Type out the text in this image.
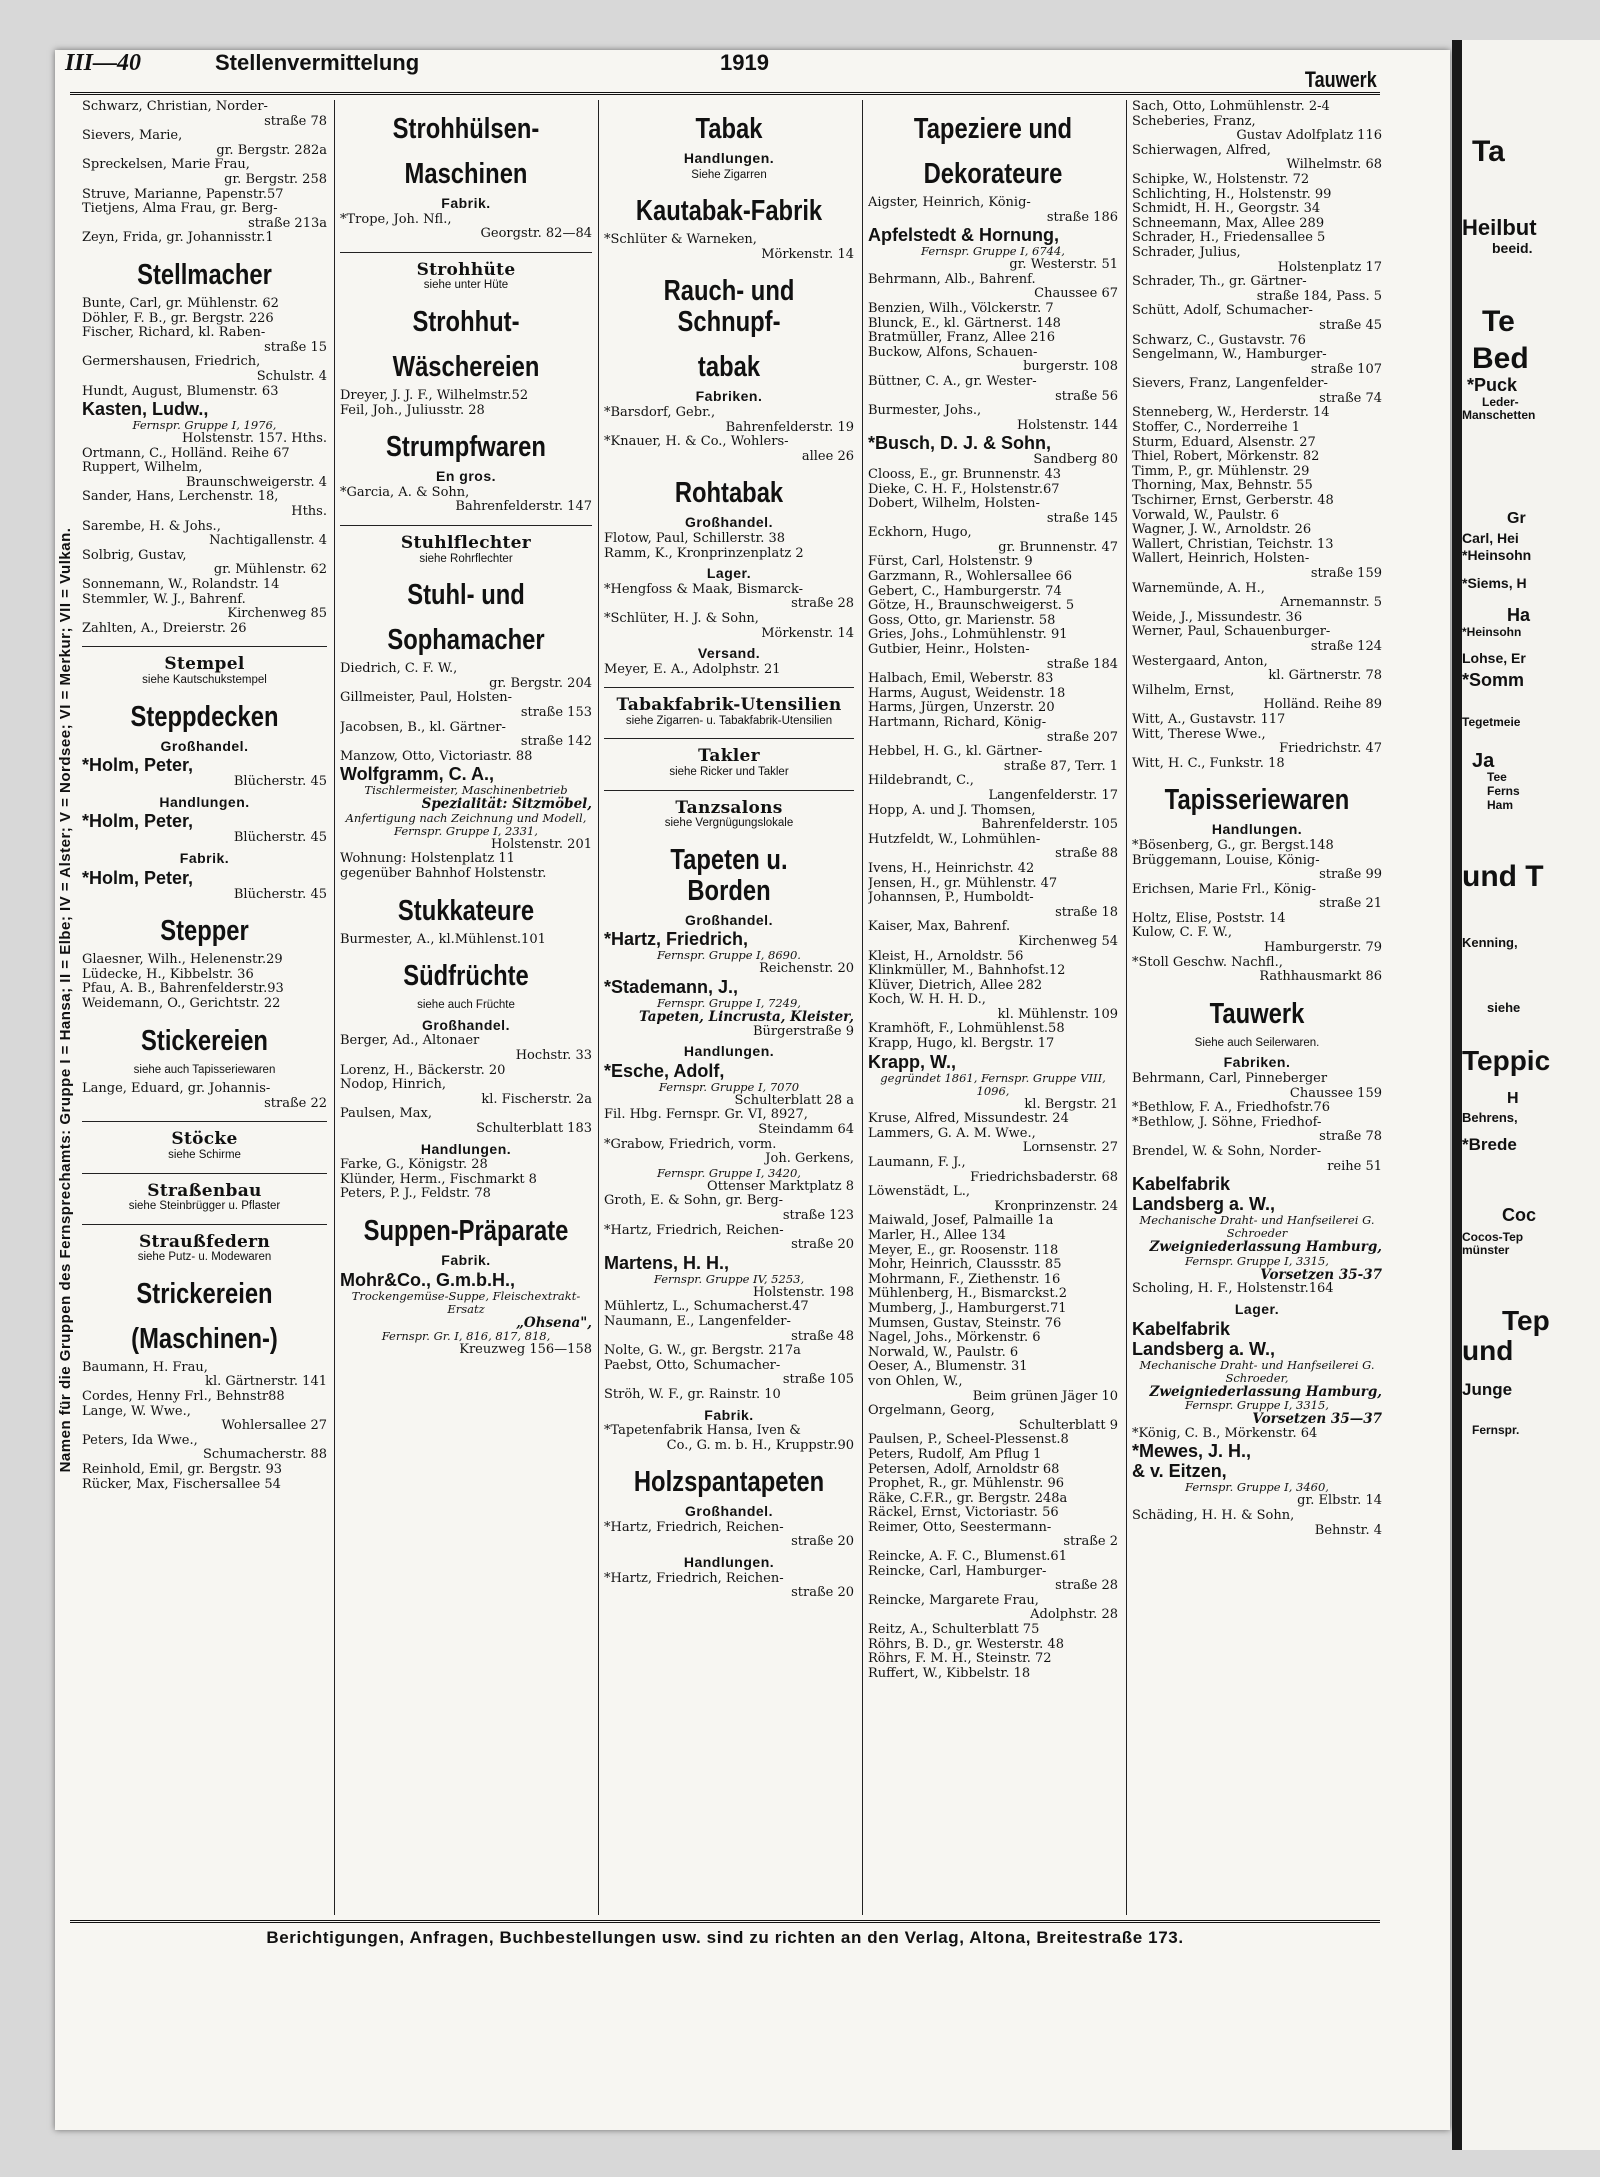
Ta
Heilbut
beeid.
Te
Bed
*Puck
Leder-
Manschetten
Gr
Carl, Hei
*Heinsohn
*Siems, H
Ha
*Heinsohn
Lohse, Er
*Somm
Tegetmeie
Ja
Tee
Ferns
Ham
und T
Kenning,
siehe
Teppic
H
Behrens,
*Brede
Coc
Cocos-Tep
münster
Tep
und
Junge
Fernspr.
III—40	Stellenvermittelung	1919
Tauwerk
Namen für die Gruppen des Fernsprechamts: Gruppe I = Hansa; II = Elbe; IV = Alster; V = Nordsee; VI = Merkur; VII = Vulkan.
Schwarz, Christian, Norder-
straße 78
Sievers, Marie,
gr. Bergstr. 282a
Spreckelsen, Marie Frau,
gr. Bergstr. 258
Struve, Marianne, Papenstr.57
Tietjens, Alma Frau, gr. Berg-
straße 213a
Zeyn, Frida, gr. Johannisstr.1
Stellmacher
Bunte, Carl, gr. Mühlenstr. 62
Döhler, F. B., gr. Bergstr. 226
Fischer, Richard, kl. Raben-
straße 15
Germershausen, Friedrich,
Schulstr. 4
Hundt, August, Blumenstr. 63
Kasten, Ludw.,
Fernspr. Gruppe I, 1976,
Holstenstr. 157. Hths.
Ortmann, C., Holländ. Reihe 67
Ruppert, Wilhelm,
Braunschweigerstr. 4
Sander, Hans, Lerchenstr. 18,
Hths.
Sarembe, H. & Johs.,
Nachtigallenstr. 4
Solbrig, Gustav,
gr. Mühlenstr. 62
Sonnemann, W., Rolandstr. 14
Stemmler, W. J., Bahrenf.
Kirchenweg 85
Zahlten, A., Dreierstr. 26
Stempel
siehe Kautschukstempel
Steppdecken
Großhandel.
*Holm, Peter,
Blücherstr. 45
Handlungen.
*Holm, Peter,
Blücherstr. 45
Fabrik.
*Holm, Peter,
Blücherstr. 45
Stepper
Glaesner, Wilh., Helenenstr.29
Lüdecke, H., Kibbelstr. 36
Pfau, A. B., Bahrenfelderstr.93
Weidemann, O., Gerichtstr. 22
Stickereien
siehe auch Tapisseriewaren
Lange, Eduard, gr. Johannis-
straße 22
Stöcke
siehe Schirme
Straßenbau
siehe Steinbrügger u. Pflaster
Straußfedern
siehe Putz- u. Modewaren
Strickereien
(Maschinen-)
Baumann, H. Frau,
kl. Gärtnerstr. 141
Cordes, Henny Frl., Behnstr88
Lange, W. Wwe.,
Wohlersallee 27
Peters, Ida Wwe.,
Schumacherstr. 88
Reinhold, Emil, gr. Bergstr. 93
Rücker, Max, Fischersallee 54
Strohhülsen-
Maschinen
Fabrik.
*Trope, Joh. Nfl.,
Georgstr. 82—84
Strohhüte
siehe unter Hüte
Strohhut-
Wäschereien
Dreyer, J. J. F., Wilhelmstr.52
Feil, Joh., Juliusstr. 28
Strumpfwaren
En gros.
*Garcia, A. & Sohn,
Bahrenfelderstr. 147
Stuhlflechter
siehe Rohrflechter
Stuhl- und
Sophamacher
Diedrich, C. F. W.,
gr. Bergstr. 204
Gillmeister, Paul, Holsten-
straße 153
Jacobsen, B., kl. Gärtner-
straße 142
Manzow, Otto, Victoriastr. 88
Wolfgramm, C. A.,
Tischlermeister, Maschinenbetrieb
Spezialität: Sitzmöbel,
Anfertigung nach Zeichnung und Modell,
Fernspr. Gruppe I, 2331,
Holstenstr. 201
Wohnung: Holstenplatz 11
gegenüber Bahnhof Holstenstr.
Stukkateure
Burmester, A., kl.Mühlenst.101
Südfrüchte
siehe auch Früchte
Großhandel.
Berger, Ad., Altonaer
Hochstr. 33
Lorenz, H., Bäckerstr. 20
Nodop, Hinrich,
kl. Fischerstr. 2a
Paulsen, Max,
Schulterblatt 183
Handlungen.
Farke, G., Königstr. 28
Klünder, Herm., Fischmarkt 8
Peters, P. J., Feldstr. 78
Suppen-Präparate
Fabrik.
Mohr&Co., G.m.b.H.,
Trockengemüse-Suppe, Fleischextrakt-Ersatz
„Ohsena",
Fernspr. Gr. I, 816, 817, 818,
Kreuzweg 156—158
Tabak
Handlungen.
Siehe Zigarren
Kautabak-Fabrik
*Schlüter & Warneken,
Mörkenstr. 14
Rauch- und Schnupf-
tabak
Fabriken.
*Barsdorf, Gebr.,
Bahrenfelderstr. 19
*Knauer, H. & Co., Wohlers-
allee 26
Rohtabak
Großhandel.
Flotow, Paul, Schillerstr. 38
Ramm, K., Kronprinzenplatz 2
Lager.
*Hengfoss & Maak, Bismarck-
straße 28
*Schlüter, H. J. & Sohn,
Mörkenstr. 14
Versand.
Meyer, E. A., Adolphstr. 21
Tabakfabrik-Utensilien
siehe Zigarren- u. Tabakfabrik-Utensilien
Takler
siehe Ricker und Takler
Tanzsalons
siehe Vergnügungslokale
Tapeten u. Borden
Großhandel.
*Hartz, Friedrich,
Fernspr. Gruppe I, 8690.
Reichenstr. 20
*Stademann, J.,
Fernspr. Gruppe I, 7249,
Tapeten, Lincrusta, Kleister,
Bürgerstraße 9
Handlungen.
*Esche, Adolf,
Fernspr. Gruppe I, 7070
Schulterblatt 28 a
Fil. Hbg. Fernspr. Gr. VI, 8927,
Steindamm 64
*Grabow, Friedrich, vorm.
Joh. Gerkens,
Fernspr. Gruppe I, 3420,
Ottenser Marktplatz 8
Groth, E. & Sohn, gr. Berg-
straße 123
*Hartz, Friedrich, Reichen-
straße 20
Martens, H. H.,
Fernspr. Gruppe IV, 5253,
Holstenstr. 198
Mühlertz, L., Schumacherst.47
Naumann, E., Langenfelder-
straße 48
Nolte, G. W., gr. Bergstr. 217a
Paebst, Otto, Schumacher-
straße 105
Ströh, W. F., gr. Rainstr. 10
Fabrik.
*Tapetenfabrik Hansa, Iven &
Co., G. m. b. H., Kruppstr.90
Holzspantapeten
Großhandel.
*Hartz, Friedrich, Reichen-
straße 20
Handlungen.
*Hartz, Friedrich, Reichen-
straße 20
Tapeziere und
Dekorateure
Aigster, Heinrich, König-
straße 186
Apfelstedt & Hornung,
Fernspr. Gruppe I, 6744,
gr. Westerstr. 51
Behrmann, Alb., Bahrenf.
Chaussee 67
Benzien, Wilh., Völckerstr. 7
Blunck, E., kl. Gärtnerst. 148
Bratmüller, Franz, Allee 216
Buckow, Alfons, Schauen-
burgerstr. 108
Büttner, C. A., gr. Wester-
straße 56
Burmester, Johs.,
Holstenstr. 144
*Busch, D. J. & Sohn,
Sandberg 80
Clooss, E., gr. Brunnenstr. 43
Dieke, C. H. F., Holstenstr.67
Dobert, Wilhelm, Holsten-
straße 145
Eckhorn, Hugo,
gr. Brunnenstr. 47
Fürst, Carl, Holstenstr. 9
Garzmann, R., Wohlersallee 66
Gebert, C., Hamburgerstr. 74
Götze, H., Braunschweigerst. 5
Goss, Otto, gr. Marienstr. 58
Gries, Johs., Lohmühlenstr. 91
Gutbier, Heinr., Holsten-
straße 184
Halbach, Emil, Weberstr. 83
Harms, August, Weidenstr. 18
Harms, Jürgen, Unzerstr. 20
Hartmann, Richard, König-
straße 207
Hebbel, H. G., kl. Gärtner-
straße 87, Terr. 1
Hildebrandt, C.,
Langenfelderstr. 17
Hopp, A. und J. Thomsen,
Bahrenfelderstr. 105
Hutzfeldt, W., Lohmühlen-
straße 88
Ivens, H., Heinrichstr. 42
Jensen, H., gr. Mühlenstr. 47
Johannsen, P., Humboldt-
straße 18
Kaiser, Max, Bahrenf.
Kirchenweg 54
Kleist, H., Arnoldstr. 56
Klinkmüller, M., Bahnhofst.12
Klüver, Dietrich, Allee 282
Koch, W. H. H. D.,
kl. Mühlenstr. 109
Kramhöft, F., Lohmühlenst.58
Krapp, Hugo, kl. Bergstr. 17
Krapp, W.,
gegründet 1861, Fernspr. Gruppe VIII, 1096,
kl. Bergstr. 21
Kruse, Alfred, Missundestr. 24
Lammers, G. A. M. Wwe.,
Lornsenstr. 27
Laumann, F. J.,
Friedrichsbaderstr. 68
Löwenstädt, L.,
Kronprinzenstr. 24
Maiwald, Josef, Palmaille 1a
Marler, H., Allee 134
Meyer, E., gr. Roosenstr. 118
Mohr, Heinrich, Claussstr. 85
Mohrmann, F., Ziethenstr. 16
Mühlenberg, H., Bismarckst.2
Mumberg, J., Hamburgerst.71
Mumsen, Gustav, Steinstr. 76
Nagel, Johs., Mörkenstr. 6
Norwald, W., Paulstr. 6
Oeser, A., Blumenstr. 31
von Ohlen, W.,
Beim grünen Jäger 10
Orgelmann, Georg,
Schulterblatt 9
Paulsen, P., Scheel-Plessenst.8
Peters, Rudolf, Am Pflug 1
Petersen, Adolf, Arnoldstr 68
Prophet, R., gr. Mühlenstr. 96
Räke, C.F.R., gr. Bergstr. 248a
Räckel, Ernst, Victoriastr. 56
Reimer, Otto, Seestermann-
straße 2
Reincke, A. F. C., Blumenst.61
Reincke, Carl, Hamburger-
straße 28
Reincke, Margarete Frau,
Adolphstr. 28
Reitz, A., Schulterblatt 75
Röhrs, B. D., gr. Westerstr. 48
Röhrs, F. M. H., Steinstr. 72
Ruffert, W., Kibbelstr. 18
Sach, Otto, Lohmühlenstr. 2-4
Scheberies, Franz,
Gustav Adolfplatz 116
Schierwagen, Alfred,
Wilhelmstr. 68
Schipke, W., Holstenstr. 72
Schlichting, H., Holstenstr. 99
Schmidt, H. H., Georgstr. 34
Schneemann, Max, Allee 289
Schrader, H., Friedensallee 5
Schrader, Julius,
Holstenplatz 17
Schrader, Th., gr. Gärtner-
straße 184, Pass. 5
Schütt, Adolf, Schumacher-
straße 45
Schwarz, C., Gustavstr. 76
Sengelmann, W., Hamburger-
straße 107
Sievers, Franz, Langenfelder-
straße 74
Stenneberg, W., Herderstr. 14
Stoffer, C., Norderreihe 1
Sturm, Eduard, Alsenstr. 27
Thiel, Robert, Mörkenstr. 82
Timm, P., gr. Mühlenstr. 29
Thorning, Max, Behnstr. 55
Tschirner, Ernst, Gerberstr. 48
Vorwald, W., Paulstr. 6
Wagner, J. W., Arnoldstr. 26
Wallert, Christian, Teichstr. 13
Wallert, Heinrich, Holsten-
straße 159
Warnemünde, A. H.,
Arnemannstr. 5
Weide, J., Missundestr. 36
Werner, Paul, Schauenburger-
straße 124
Westergaard, Anton,
kl. Gärtnerstr. 78
Wilhelm, Ernst,
Holländ. Reihe 89
Witt, A., Gustavstr. 117
Witt, Therese Wwe.,
Friedrichstr. 47
Witt, H. C., Funkstr. 18
Tapisseriewaren
Handlungen.
*Bösenberg, G., gr. Bergst.148
Brüggemann, Louise, König-
straße 99
Erichsen, Marie Frl., König-
straße 21
Holtz, Elise, Poststr. 14
Kulow, C. F. W.,
Hamburgerstr. 79
*Stoll Geschw. Nachfl.,
Rathhausmarkt 86
Tauwerk
Siehe auch Seilerwaren.
Fabriken.
Behrmann, Carl, Pinneberger
Chaussee 159
*Bethlow, F. A., Friedhofstr.76
*Bethlow, J. Söhne, Friedhof-
straße 78
Brendel, W. & Sohn, Norder-
reihe 51
Kabelfabrik
Landsberg a. W.,
Mechanische Draht- und Hanfseilerei G. Schroeder
Zweigniederlassung Hamburg,
Fernspr. Gruppe I, 3315,
Vorsetzen 35-37
Scholing, H. F., Holstenstr.164
Lager.
Kabelfabrik
Landsberg a. W.,
Mechanische Draht- und Hanfseilerei G. Schroeder,
Zweigniederlassung Hamburg,
Fernspr. Gruppe I, 3315,
Vorsetzen 35—37
*König, C. B., Mörkenstr. 64
*Mewes, J. H.,
& v. Eitzen,
Fernspr. Gruppe I, 3460,
gr. Elbstr. 14
Schäding, H. H. & Sohn,
Behnstr. 4
Berichtigungen, Anfragen, Buchbestellungen usw. sind zu richten an den Verlag, Altona, Breitestraße 173.
